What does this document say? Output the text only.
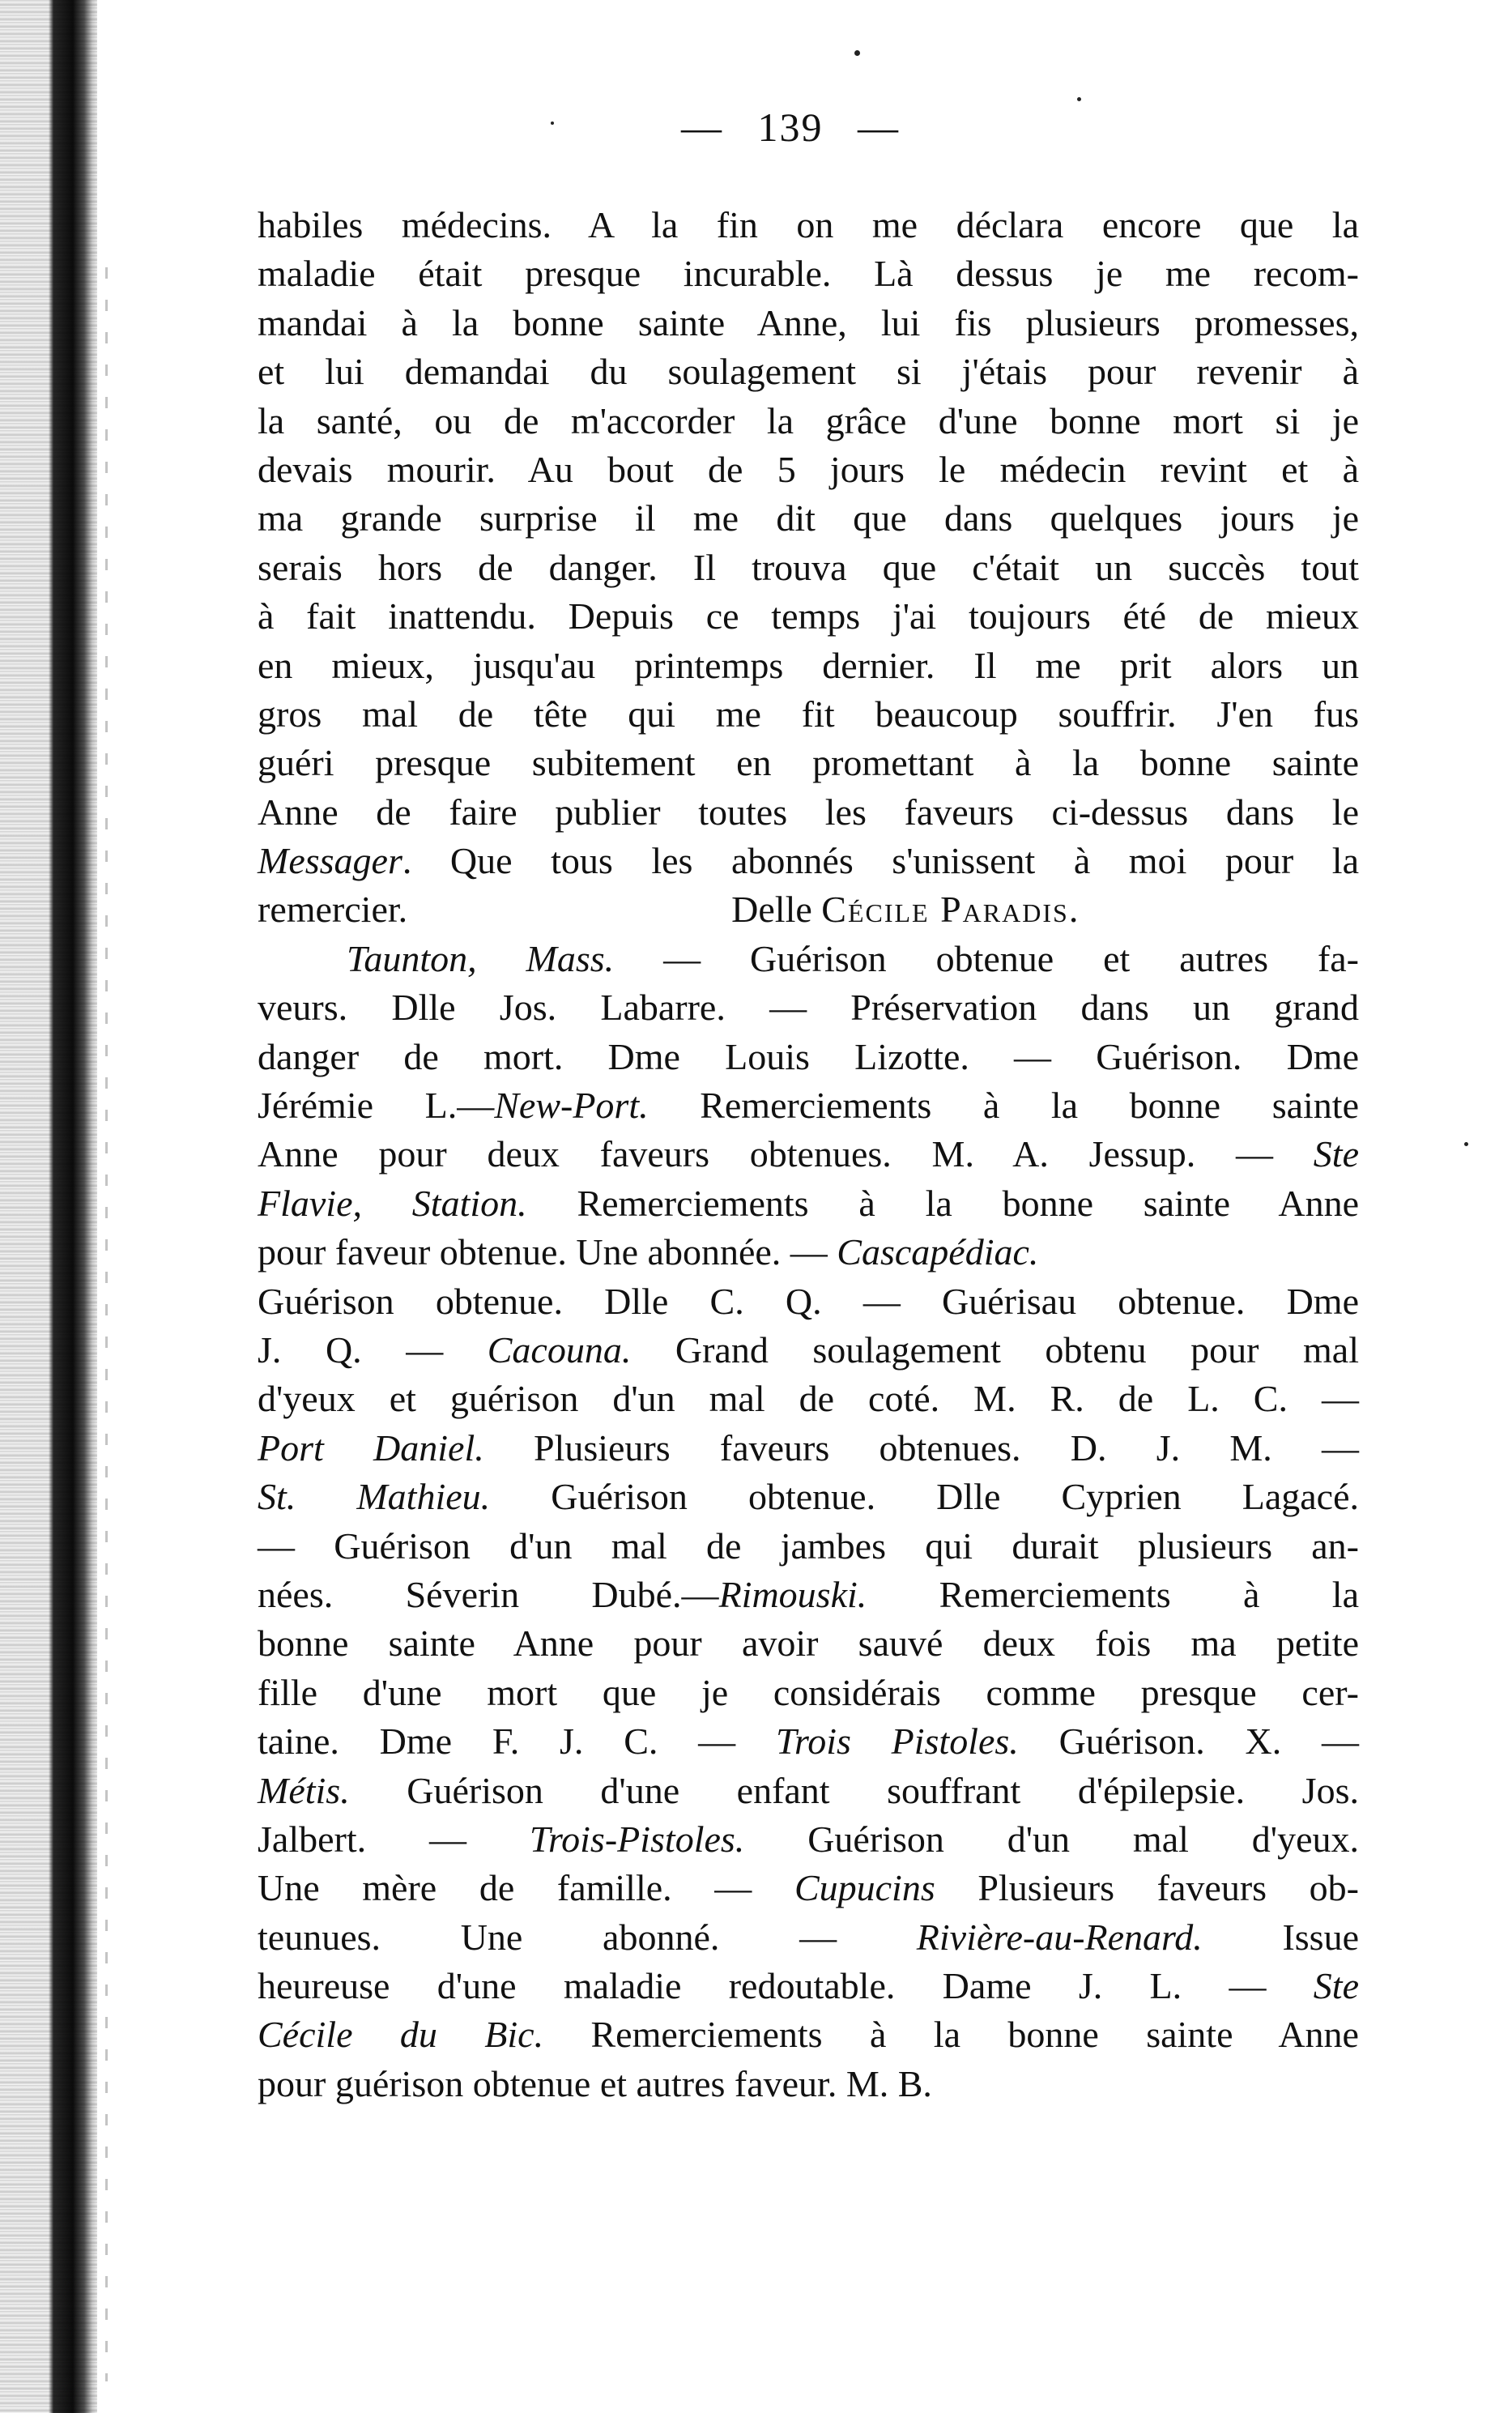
— 139 —
habiles médecins. A la fin on me déclara encore que la
maladie était presque incurable. Là dessus je me recom-
mandai à la bonne sainte Anne, lui fis plusieurs promesses,
et lui demandai du soulagement si j'étais pour revenir à
la santé, ou de m'accorder la grâce d'une bonne mort si je
devais mourir. Au bout de 5 jours le médecin revint et à
ma grande surprise il me dit que dans quelques jours je
serais hors de danger. Il trouva que c'était un succès tout
à fait inattendu. Depuis ce temps j'ai toujours été de mieux
en mieux, jusqu'au printemps dernier. Il me prit alors un
gros mal de tête qui me fit beaucoup souffrir. J'en fus
guéri presque subitement en promettant à la bonne sainte
Anne de faire publier toutes les faveurs ci-dessus dans le
Messager. Que tous les abonnés s'unissent à moi pour la
remercier.	Delle Cécile Paradis.
Taunton, Mass. — Guérison obtenue et autres fa-
veurs. Dlle Jos. Labarre. — Préservation dans un grand
danger de mort. Dme Louis Lizotte. — Guérison. Dme
Jérémie L.—New-Port. Remerciements à la bonne sainte
Anne pour deux faveurs obtenues. M. A. Jessup. — Ste
Flavie, Station. Remerciements à la bonne sainte Anne
pour faveur obtenue. Une abonnée. — Cascapédiac.
Guérison obtenue. Dlle C. Q. — Guérisau obtenue. Dme
J. Q. — Cacouna. Grand soulagement obtenu pour mal
d'yeux et guérison d'un mal de coté. M. R. de L. C. —
Port Daniel. Plusieurs faveurs obtenues. D. J. M. —
St. Mathieu. Guérison obtenue. Dlle Cyprien Lagacé.
— Guérison d'un mal de jambes qui durait plusieurs an-
nées. Séverin Dubé.—Rimouski. Remerciements à la
bonne sainte Anne pour avoir sauvé deux fois ma petite
fille d'une mort que je considérais comme presque cer-
taine. Dme F. J. C. — Trois Pistoles. Guérison. X. —
Métis. Guérison d'une enfant souffrant d'épilepsie. Jos.
Jalbert. — Trois-Pistoles. Guérison d'un mal d'yeux.
Une mère de famille. — Cupucins Plusieurs faveurs ob-
teunues. Une abonné. — Rivière-au-Renard. Issue
heureuse d'une maladie redoutable. Dame J. L. — Ste
Cécile du Bic. Remerciements à la bonne sainte Anne
pour guérison obtenue et autres faveur. M. B.
